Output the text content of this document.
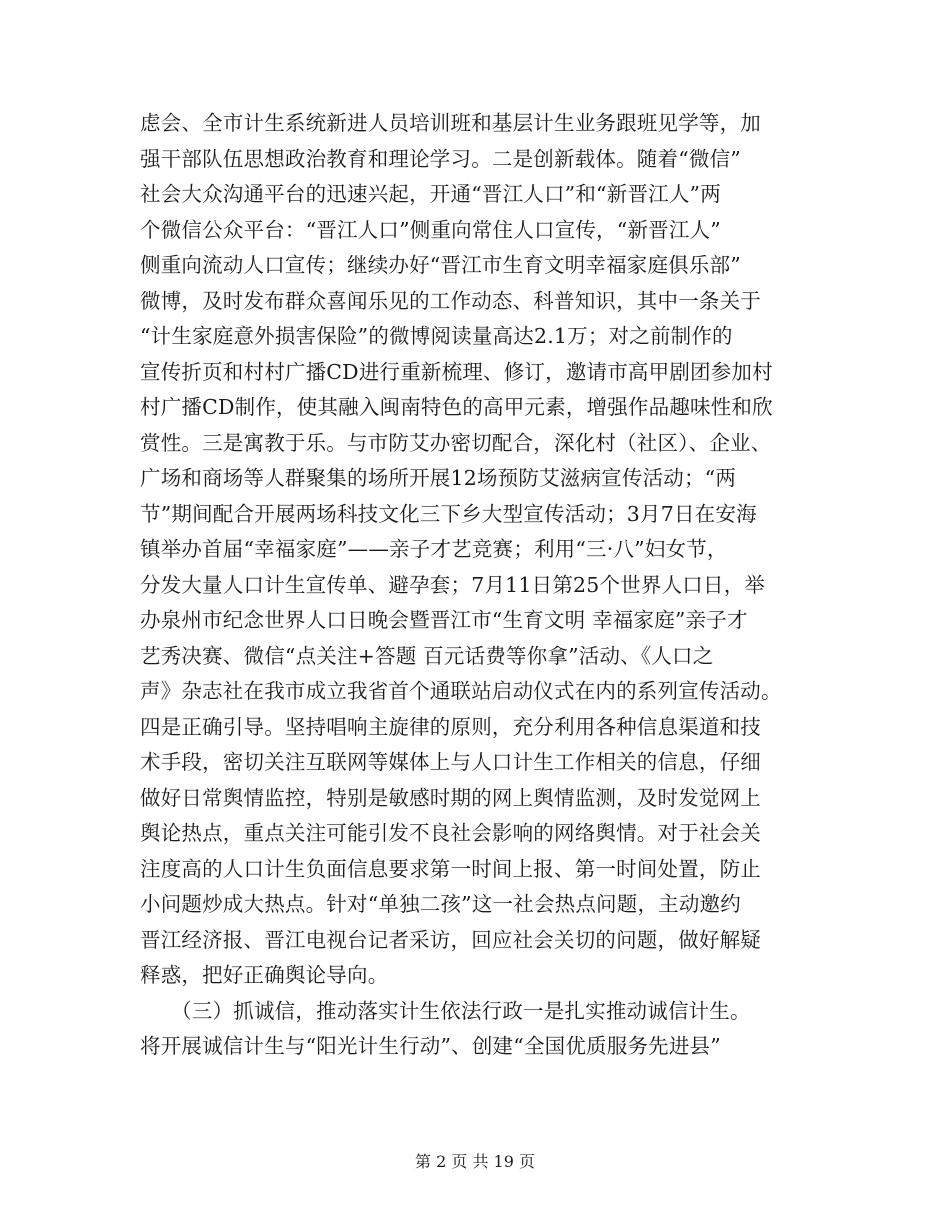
虑会、全市计生系统新进人员培训班和基层计生业务跟班见学等，加
强干部队伍思想政治教育和理论学习。二是创新载体。随着“微信”
社会大众沟通平台的迅速兴起，开通“晋江人口”和“新晋江人”两
个微信公众平台：“晋江人口”侧重向常住人口宣传，“新晋江人”
侧重向流动人口宣传；继续办好“晋江市生育文明幸福家庭俱乐部”
微博，及时发布群众喜闻乐见的工作动态、科普知识，其中一条关于
“计生家庭意外损害保险”的微博阅读量高达2.1万；对之前制作的
宣传折页和村村广播CD进行重新梳理、修订，邀请市高甲剧团参加村
村广播CD制作，使其融入闽南特色的高甲元素，增强作品趣味性和欣
赏性。三是寓教于乐。与市防艾办密切配合，深化村（社区）、企业、
广场和商场等人群聚集的场所开展12场预防艾滋病宣传活动；“两
节”期间配合开展两场科技文化三下乡大型宣传活动；3月7日在安海
镇举办首届“幸福家庭”——亲子才艺竞赛；利用“三·八”妇女节，
分发大量人口计生宣传单、避孕套；7月11日第25个世界人口日，举
办泉州市纪念世界人口日晚会暨晋江市“生育文明 幸福家庭”亲子才
艺秀决赛、微信“点关注+答题 百元话费等你拿”活动、《人口之
声》杂志社在我市成立我省首个通联站启动仪式在内的系列宣传活动。
四是正确引导。坚持唱响主旋律的原则，充分利用各种信息渠道和技
术手段，密切关注互联网等媒体上与人口计生工作相关的信息，仔细
做好日常舆情监控，特别是敏感时期的网上舆情监测，及时发觉网上
舆论热点，重点关注可能引发不良社会影响的网络舆情。对于社会关
注度高的人口计生负面信息要求第一时间上报、第一时间处置，防止
小问题炒成大热点。针对“单独二孩”这一社会热点问题，主动邀约
晋江经济报、晋江电视台记者采访，回应社会关切的问题，做好解疑
释惑，把好正确舆论导向。
　　（三）抓诚信，推动落实计生依法行政一是扎实推动诚信计生。
将开展诚信计生与“阳光计生行动”、创建“全国优质服务先进县”
第 2 页 共 19 页
